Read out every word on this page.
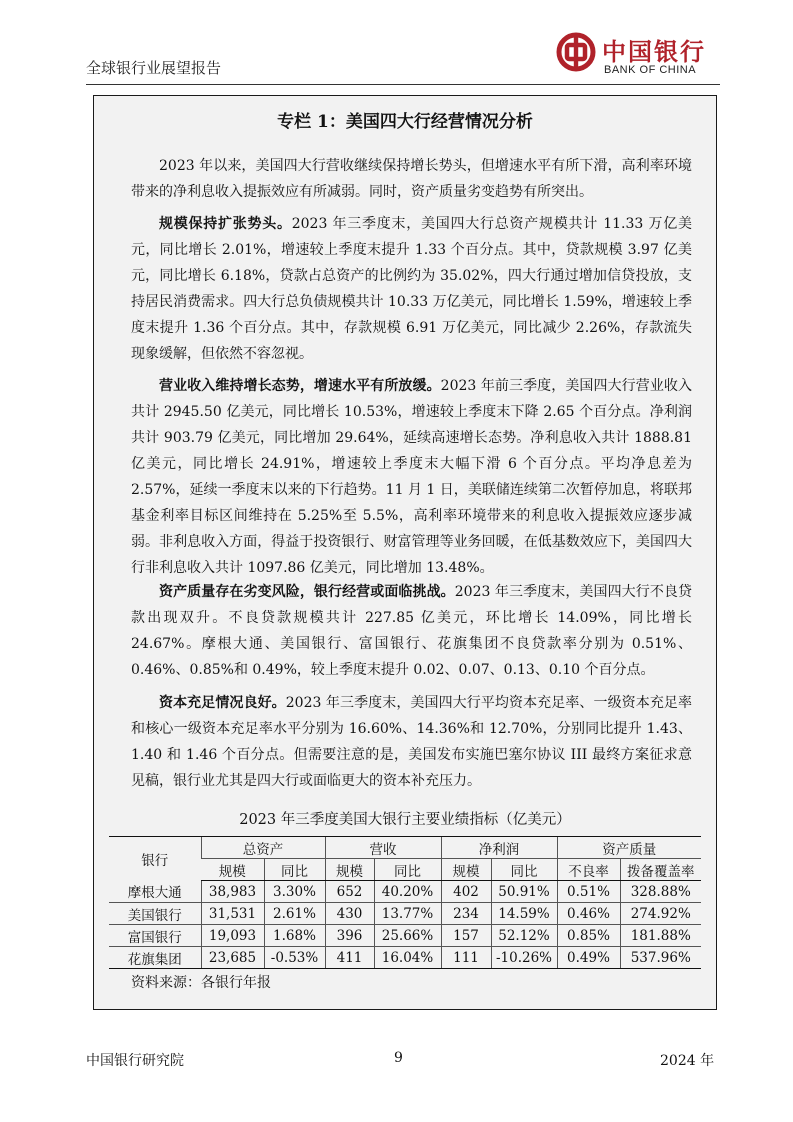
全球银行业展望报告
中国银行
BANK OF CHINA
专栏 1：美国四大行经营情况分析

2023 年以来，美国四大行营收继续保持增长势头，但增速水平有所下滑，高利率环境带来的净利息收入提振效应有所减弱。同时，资产质量劣变趋势有所突出。

规模保持扩张势头。2023 年三季度末，美国四大行总资产规模共计 11.33 万亿美元，同比增长 2.01%，增速较上季度末提升 1.33 个百分点。其中，贷款规模 3.97 亿美元，同比增长 6.18%，贷款占总资产的比例约为 35.02%，四大行通过增加信贷投放，支持居民消费需求。四大行总负债规模共计 10.33 万亿美元，同比增长 1.59%，增速较上季度末提升 1.36 个百分点。其中，存款规模 6.91 万亿美元，同比减少 2.26%，存款流失现象缓解，但依然不容忽视。

营业收入维持增长态势，增速水平有所放缓。2023 年前三季度，美国四大行营业收入共计 2945.50 亿美元，同比增长 10.53%，增速较上季度末下降 2.65 个百分点。净利润共计 903.79 亿美元，同比增加 29.64%，延续高速增长态势。净利息收入共计 1888.81 亿美元，同比增长 24.91%，增速较上季度末大幅下滑 6 个百分点。平均净息差为 2.57%，延续一季度末以来的下行趋势。11 月 1 日，美联储连续第二次暂停加息，将联邦基金利率目标区间维持在 5.25%至 5.5%，高利率环境带来的利息收入提振效应逐步减弱。非利息收入方面，得益于投资银行、财富管理等业务回暖，在低基数效应下，美国四大行非利息收入共计 1097.86 亿美元，同比增加 13.48%。

资产质量存在劣变风险，银行经营或面临挑战。2023 年三季度末，美国四大行不良贷款出现双升。不良贷款规模共计 227.85 亿美元，环比增长 14.09%，同比增长 24.67%。摩根大通、美国银行、富国银行、花旗集团不良贷款率分别为 0.51%、0.46%、0.85%和 0.49%，较上季度末提升 0.02、0.07、0.13、0.10 个百分点。

资本充足情况良好。2023 年三季度末，美国四大行平均资本充足率、一级资本充足率和核心一级资本充足率水平分别为 16.60%、14.36%和 12.70%，分别同比提升 1.43、1.40 和 1.46 个百分点。但需要注意的是，美国发布实施巴塞尔协议 III 最终方案征求意见稿，银行业尤其是四大行或面临更大的资本补充压力。

2023 年三季度美国大银行主要业绩指标（亿美元）
银行	总资产		营收		净利润		资产质量	
	规模	同比	规模	同比	规模	同比	不良率	拨备覆盖率
摩根大通	38,983	3.30%	652	40.20%	402	50.91%	0.51%	328.88%
美国银行	31,531	2.61%	430	13.77%	234	14.59%	0.46%	274.92%
富国银行	19,093	1.68%	396	25.66%	157	52.12%	0.85%	181.88%
花旗集团	23,685	-0.53%	411	16.04%	111	-10.26%	0.49%	537.96%
资料来源：各银行年报
中国银行研究院	9	2024 年
